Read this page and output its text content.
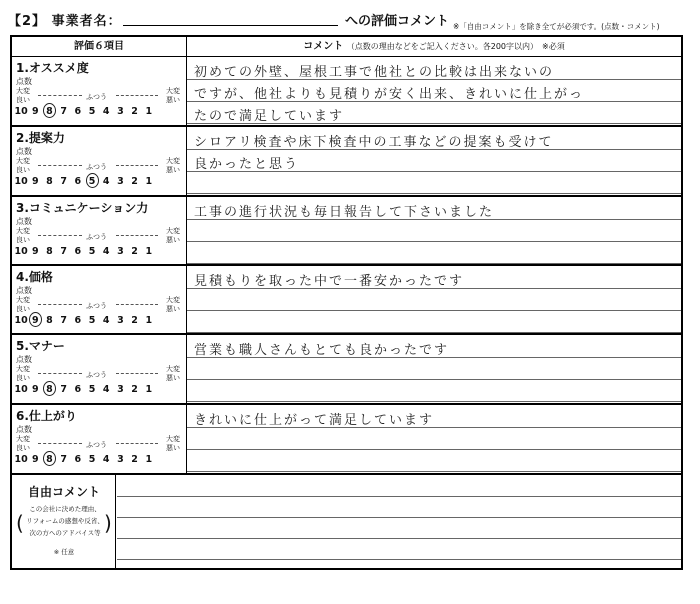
【2】 事業者名：	への評価コメント ※「自由コメント」を除き全てが必須です。(点数・コメント)
評価６項目	コメント （点数の理由などをご記入ください。各200字以内）　※必須
1.オススメ度
点数
大変
良い	ふつう
大変
悪い
10 9 8 7 6 5 4 3 2 1
初めての外壁、屋根工事で他社との比較は出来ないの
ですが、他社よりも見積りが安く出来、きれいに仕上がっ
たので満足しています
2.提案力
点数
大変
良い	ふつう
大変
悪い
10 9 8 7 6 5 4 3 2 1
シロアリ検査や床下検査中の工事などの提案も受けて
良かったと思う
3.コミュニケーション力
点数
大変
良い	ふつう
大変
悪い
10 9 8 7 6 5 4 3 2 1
工事の進行状況も毎日報告して下さいました
4.価格
点数
大変
良い	ふつう
大変
悪い
10 9 8 7 6 5 4 3 2 1
見積もりを取った中で一番安かったです
5.マナー
点数
大変
良い	ふつう
大変
悪い
10 9 8 7 6 5 4 3 2 1
営業も職人さんもとても良かったです
6.仕上がり
点数
大変
良い	ふつう
大変
悪い
10 9 8 7 6 5 4 3 2 1
きれいに仕上がって満足しています
自由コメント
(
この会社に決めた理由、
リフォームの感想や反省、
次の方へのアドバイス等 )
※ 任意
